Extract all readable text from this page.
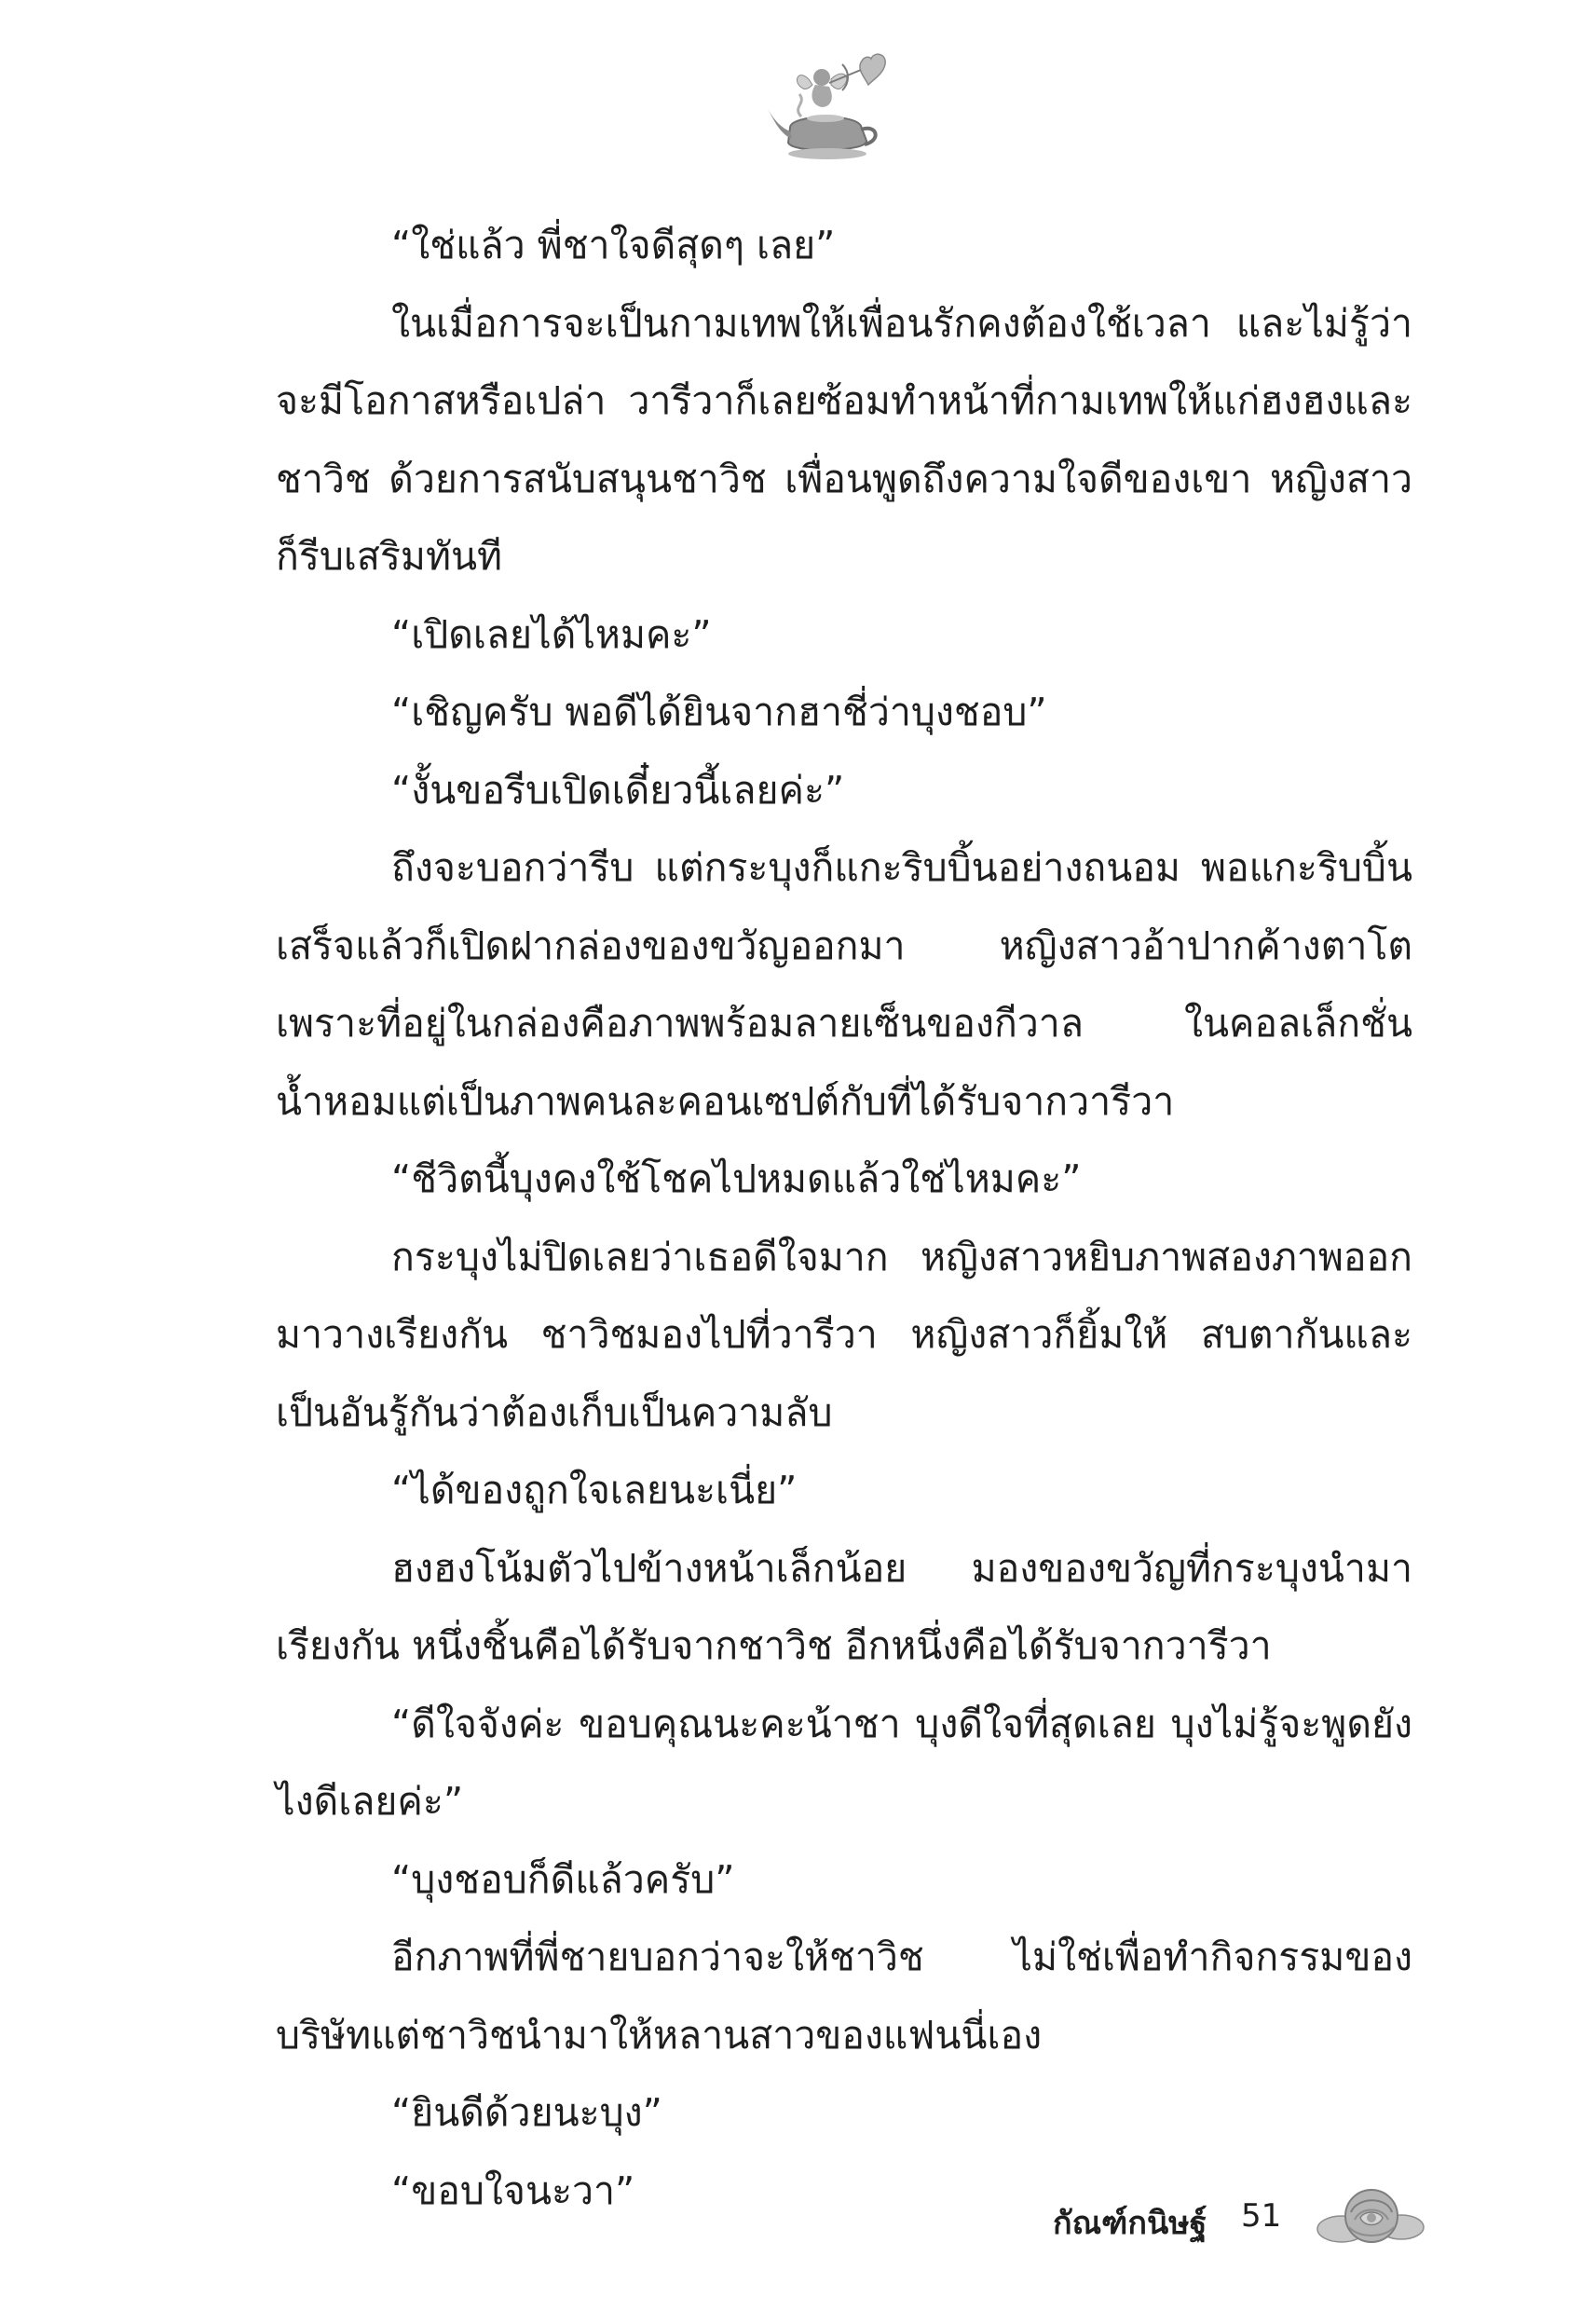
“ใช่แล้ว พี่ชาใจดีสุดๆ เลย”

ในเมื่อการจะเป็นกามเทพให้เพื่อนรักคงต้องใช้เวลา และไม่รู้ว่าจะมีโอกาสหรือเปล่า วารีวาก็เลยซ้อมทำหน้าที่กามเทพให้แก่ฮงฮงและชาวิช ด้วยการสนับสนุนชาวิช เพื่อนพูดถึงความใจดีของเขา หญิงสาวก็รีบเสริมทันที

“เปิดเลยได้ไหมคะ”

“เชิญครับ พอดีได้ยินจากฮาชี่ว่าบุงชอบ”

“งั้นขอรีบเปิดเดี๋ยวนี้เลยค่ะ”

ถึงจะบอกว่ารีบ แต่กระบุงก็แกะริบบิ้นอย่างถนอม พอแกะริบบิ้นเสร็จแล้วก็เปิดฝากล่องของขวัญออกมา หญิงสาวอ้าปากค้างตาโต เพราะที่อยู่ในกล่องคือภาพพร้อมลายเซ็นของกีวาล ในคอลเล็กชั่นน้ำหอมแต่เป็นภาพคนละคอนเซปต์กับที่ได้รับจากวารีวา

“ชีวิตนี้บุงคงใช้โชคไปหมดแล้วใช่ไหมคะ”

กระบุงไม่ปิดเลยว่าเธอดีใจมาก หญิงสาวหยิบภาพสองภาพออกมาวางเรียงกัน ชาวิชมองไปที่วารีวา หญิงสาวก็ยิ้มให้ สบตากันและเป็นอันรู้กันว่าต้องเก็บเป็นความลับ

“ได้ของถูกใจเลยนะเนี่ย”

ฮงฮงโน้มตัวไปข้างหน้าเล็กน้อย มองของขวัญที่กระบุงนำมาเรียงกัน หนึ่งชิ้นคือได้รับจากชาวิช อีกหนึ่งคือได้รับจากวารีวา

“ดีใจจังค่ะ ขอบคุณนะคะน้าชา บุงดีใจที่สุดเลย บุงไม่รู้จะพูดยังไงดีเลยค่ะ”

“บุงชอบก็ดีแล้วครับ”

อีกภาพที่พี่ชายบอกว่าจะให้ชาวิช ไม่ใช่เพื่อทำกิจกรรมของบริษัทแต่ชาวิชนำมาให้หลานสาวของแฟนนี่เอง

“ยินดีด้วยนะบุง”

“ขอบใจนะวา”

กัณฑ์กนิษฐ์ 51
